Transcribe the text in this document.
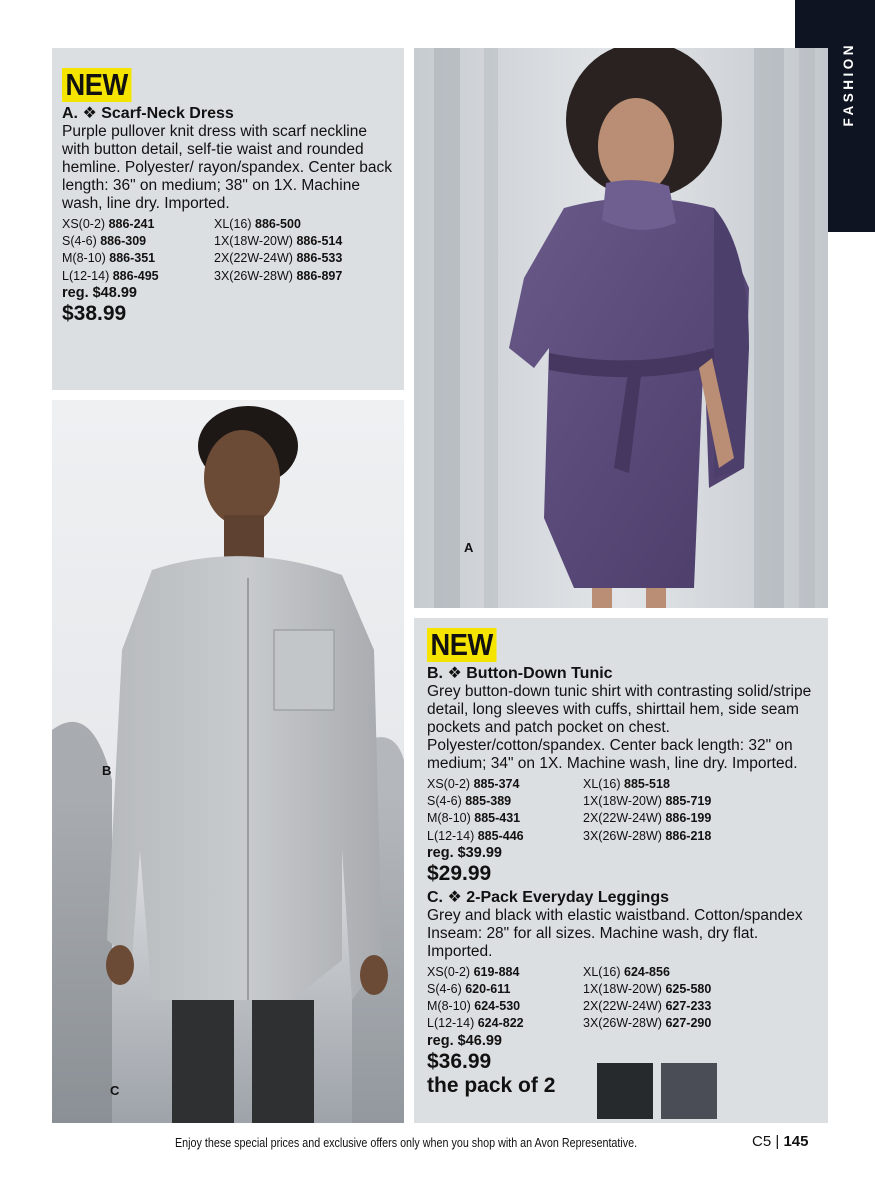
FASHION
NEW
A. ❖ Scarf-Neck Dress
Purple pullover knit dress with scarf neckline with button detail, self-tie waist and rounded hemline. Polyester/ rayon/spandex. Center back length: 36" on medium; 38" on 1X. Machine wash, line dry. Imported.
XS(0-2) 886-241	XL(16) 886-500
S(4-6) 886-309	1X(18W-20W) 886-514
M(8-10) 886-351	2X(22W-24W) 886-533
L(12-14) 886-495	3X(26W-28W) 886-897
reg. $48.99
$38.99
A
B
C
NEW
B. ❖ Button-Down Tunic
Grey button-down tunic shirt with contrasting solid/stripe detail, long sleeves with cuffs, shirttail hem, side seam pockets and patch pocket on chest. Polyester/cotton/spandex. Center back length: 32" on medium; 34" on 1X. Machine wash, line dry. Imported.
XS(0-2) 885-374	XL(16) 885-518
S(4-6) 885-389	1X(18W-20W) 885-719
M(8-10) 885-431	2X(22W-24W) 886-199
L(12-14) 885-446	3X(26W-28W) 886-218
reg. $39.99
$29.99
C. ❖ 2-Pack Everyday Leggings
Grey and black with elastic waistband. Cotton/spandex Inseam: 28" for all sizes. Machine wash, dry flat. Imported.
XS(0-2) 619-884	XL(16) 624-856
S(4-6) 620-611	1X(18W-20W) 625-580
M(8-10) 624-530	2X(22W-24W) 627-233
L(12-14) 624-822	3X(26W-28W) 627-290
reg. $46.99
$36.99
the pack of 2
Enjoy these special prices and exclusive offers only when you shop with an Avon Representative.	C5 | 145
